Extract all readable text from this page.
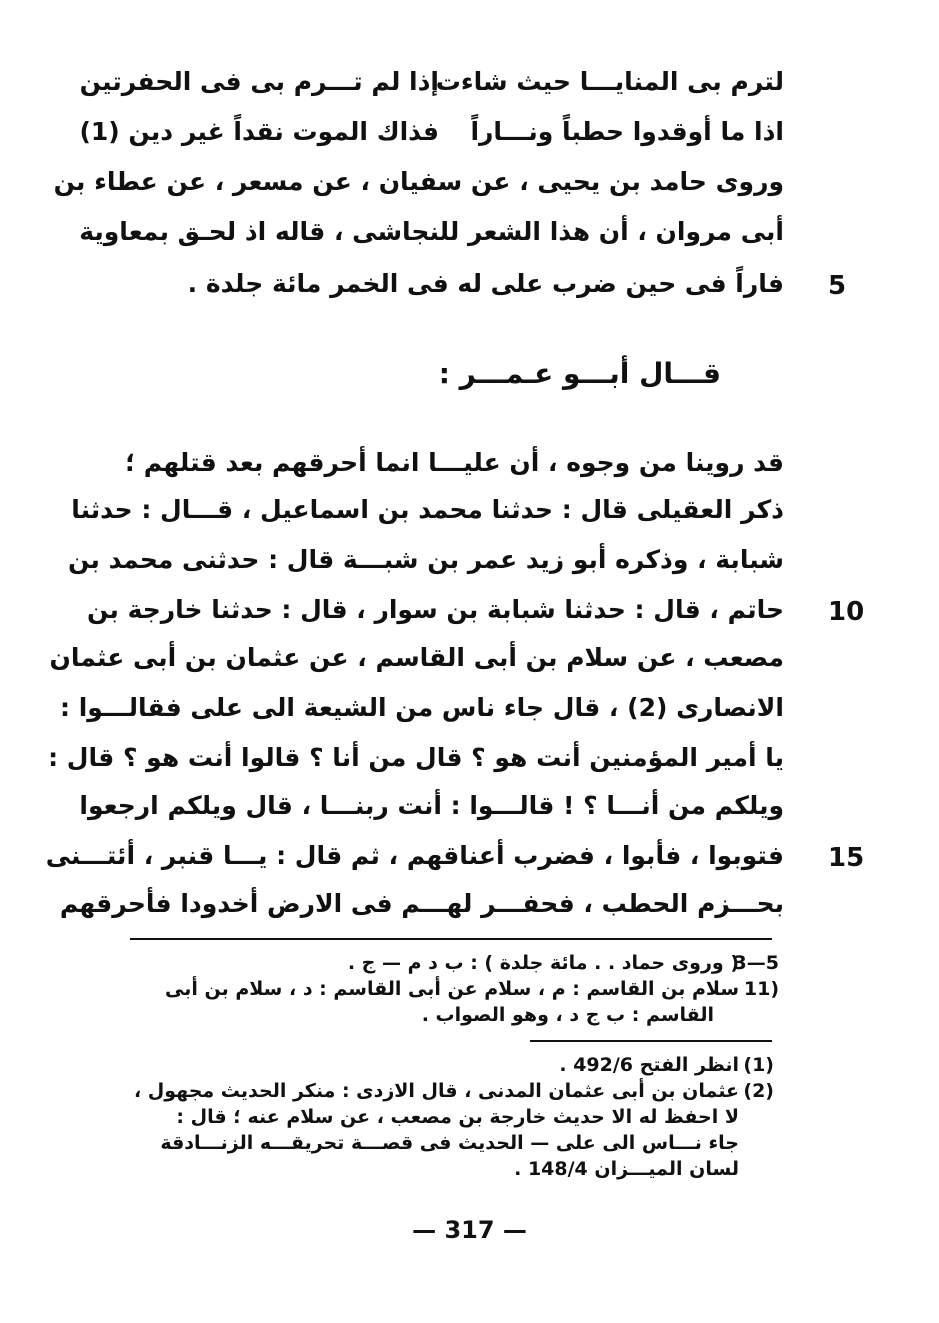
لترم بى المنايـــا حيث شاءت
إذا لم تـــرم بى فى الحفرتين
اذا ما أوقدوا حطباً ونـــاراً
فذاك الموت نقداً غير دين (1)
وروى حامد بن يحيى ، عن سفيان ، عن مسعر ، عن عطاء بن
أبى مروان ، أن هذا الشعر للنجاشى ، قاله اذ لحـق بمعاوية
فاراً فى حين ضرب على له فى الخمر مائة جلدة . 5
قـــال أبـــو عـمـــر :
قد روينا من وجوه ، أن عليـــا انما أحرقهم بعد قتلهم ؛
ذكر العقيلى قال : حدثنا محمد بن اسماعيل ، قـــال : حدثنا
شبابة ، وذكره أبو زيد عمر بن شبـــة قال : حدثنى محمد بن
حاتم ، قال : حدثنا شبابة بن سوار ، قال : حدثنا خارجة بن 10
مصعب ، عن سلام بن أبى القاسم ، عن عثمان بن أبى عثمان
الانصارى (2) ، قال جاء ناس من الشيعة الى على فقالـــوا :
يا أمير المؤمنين أنت هو ؟ قال من أنا ؟ قالوا أنت هو ؟ قال :
ويلكم من أنـــا ؟ ! قالـــوا : أنت ربنـــا ، قال ويلكم ارجعوا
فتوبوا ، فأبوا ، فضرب أعناقهم ، ثم قال : يـــا قنبر ، أئتـــنى 15
بحـــزم الحطب ، فحفـــر لهـــم فى الارض أخدودا فأحرقهم
( وروى حماد . . مائة جلدة ) : ب د م — ج .
3—5
سلام بن القاسم : م ، سلام عن أبى القاسم : د ، سلام بن أبى 11)
القاسم : ب ج د ، وهو الصواب .
انظر الفتح 492/6 . (1)
عثمان بن أبى عثمان المدنى ، قال الازدى : منكر الحديث مجهول ، (2)
لا احفظ له الا حديث خارجة بن مصعب ، عن سلام عنه ؛ قال :
جاء نـــاس الى على — الحديث فى قصـــة تحريقـــه الزنـــادقة
لسان الميـــزان 148/4 .
— 317 —
